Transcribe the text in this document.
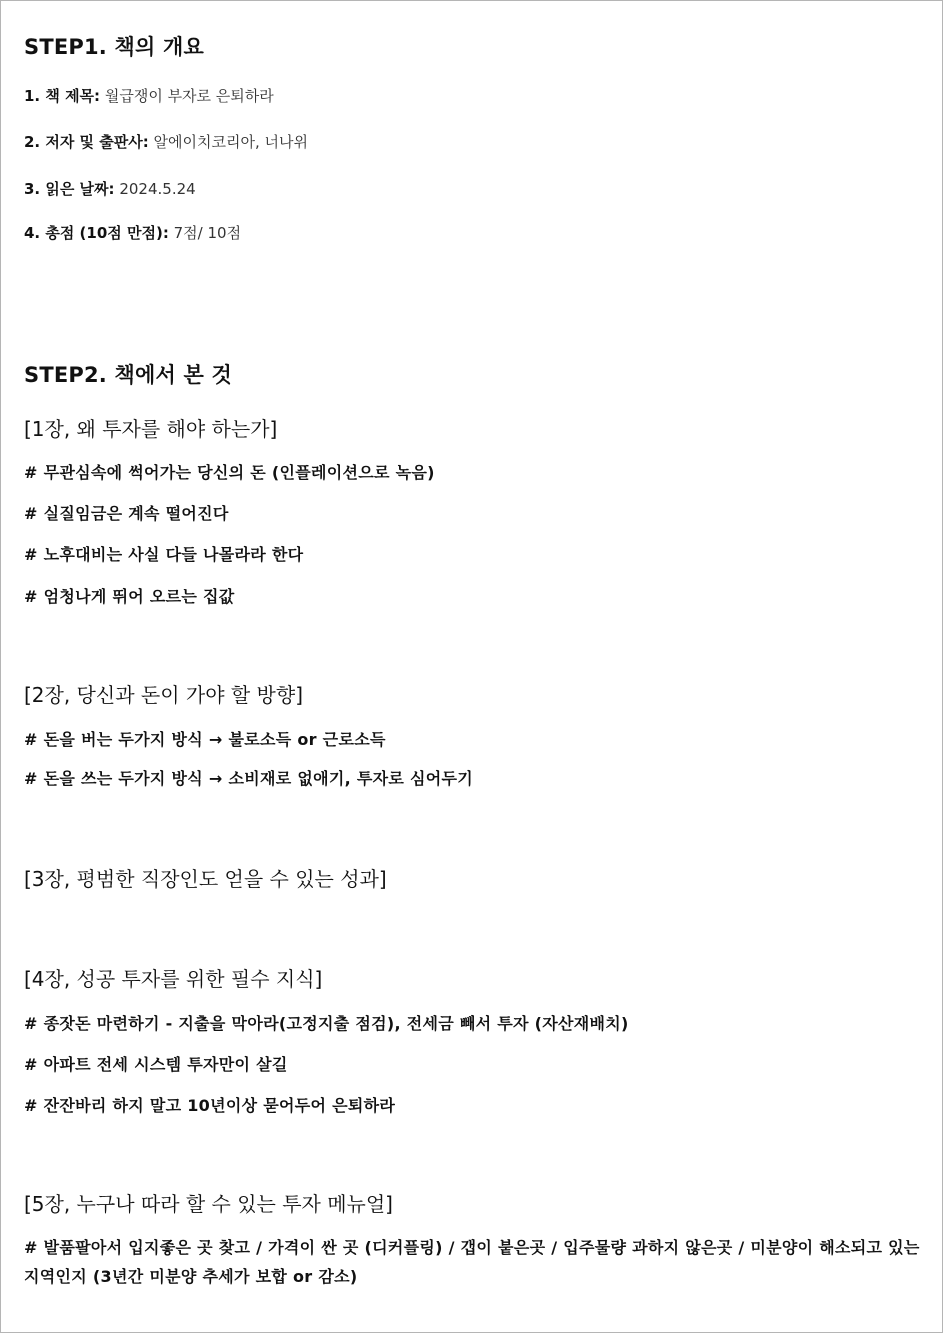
STEP1. 책의 개요
1. 책 제목: 월급쟁이 부자로 은퇴하라
2. 저자 및 출판사: 알에이치코리아, 너나위
3. 읽은 날짜: 2024.5.24
4. 총점 (10점 만점): 7점/ 10점
STEP2. 책에서 본 것
[1장, 왜 투자를 해야 하는가]
# 무관심속에 썩어가는 당신의 돈 (인플레이션으로 녹음)
# 실질임금은 계속 떨어진다
# 노후대비는 사실 다들 나몰라라 한다
# 엄청나게 뛰어 오르는 집값
[2장, 당신과 돈이 가야 할 방향]
# 돈을 버는 두가지 방식 → 불로소득 or 근로소득
# 돈을 쓰는 두가지 방식 → 소비재로 없애기, 투자로 심어두기
[3장, 평범한 직장인도 얻을 수 있는 성과]
[4장, 성공 투자를 위한 필수 지식]
# 종잣돈 마련하기 - 지출을 막아라(고정지출 점검), 전세금 빼서 투자 (자산재배치)
# 아파트 전세 시스템 투자만이 살길
# 잔잔바리 하지 말고 10년이상 묻어두어 은퇴하라
[5장, 누구나 따라 할 수 있는 투자 메뉴얼]
# 발품팔아서 입지좋은 곳 찾고 / 가격이 싼 곳 (디커플링) / 갭이 붙은곳 / 입주물량 과하지 않은곳 / 미분양이 해소되고 있는 지역인지 (3년간 미분양 추세가 보합 or 감소)
